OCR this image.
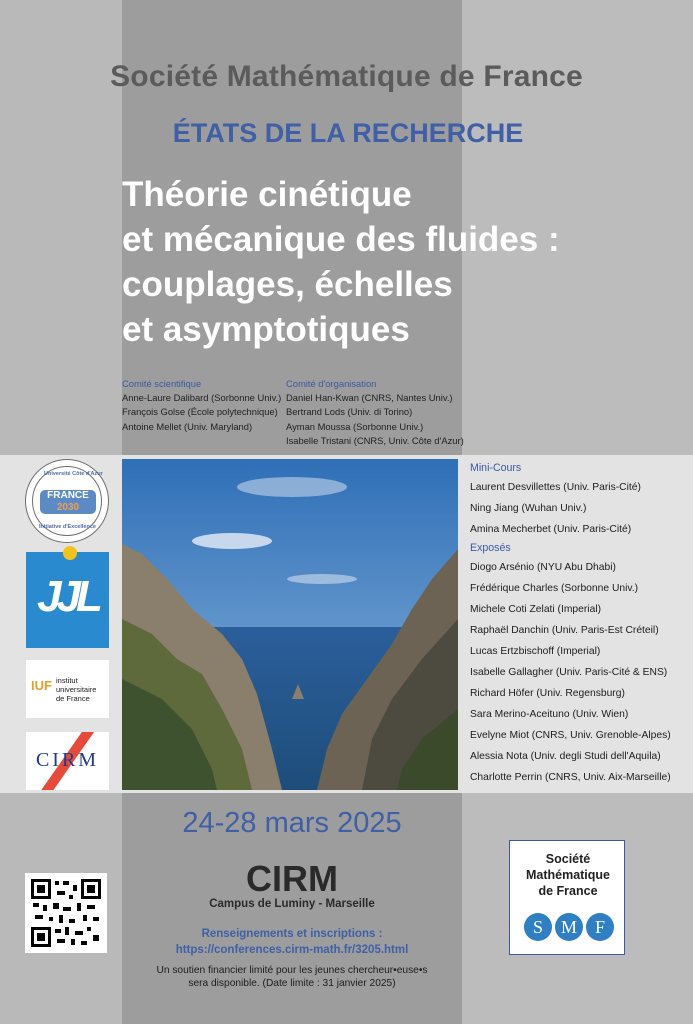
Société Mathématique de France
ÉTATS DE LA RECHERCHE
Théorie cinétique
et mécanique des fluides :
couplages, échelles
et asymptotiques
Comité scientifique
Anne-Laure Dalibard (Sorbonne Univ.)
François Golse (École polytechnique)
Antoine Mellet (Univ. Maryland)
Comité d'organisation
Daniel Han-Kwan (CNRS, Nantes Univ.)
Bertrand Lods (Univ. di Torino)
Ayman Moussa (Sorbonne Univ.)
Isabelle Tristani (CNRS, Univ. Côte d'Azur)
Université Côte d'Azur
FRANCE
2030
Initiative d'Excellence
JJL
IUF institut
universitaire
de France
CIRM
Mini-Cours
Laurent Desvillettes (Univ. Paris-Cité)
Ning Jiang (Wuhan Univ.)
Amina Mecherbet (Univ. Paris-Cité)
Exposés
Diogo Arsénio (NYU Abu Dhabi)
Frédérique Charles (Sorbonne Univ.)
Michele Coti Zelati (Imperial)
Raphaël Danchin (Univ. Paris-Est Créteil)
Lucas Ertzbischoff (Imperial)
Isabelle Gallagher (Univ. Paris-Cité & ENS)
Richard Höfer (Univ. Regensburg)
Sara Merino-Aceituno (Univ. Wien)
Evelyne Miot (CNRS, Univ. Grenoble-Alpes)
Alessia Nota (Univ. degli Studi dell'Aquila)
Charlotte Perrin (CNRS, Univ. Aix-Marseille)
24-28 mars 2025
CIRM
Campus de Luminy - Marseille
Renseignements et inscriptions :
https://conferences.cirm-math.fr/3205.html
Un soutien financier limité pour les jeunes chercheur•euse•s
sera disponible. (Date limite : 31 janvier 2025)
Société
Mathématique
de France
S M F
